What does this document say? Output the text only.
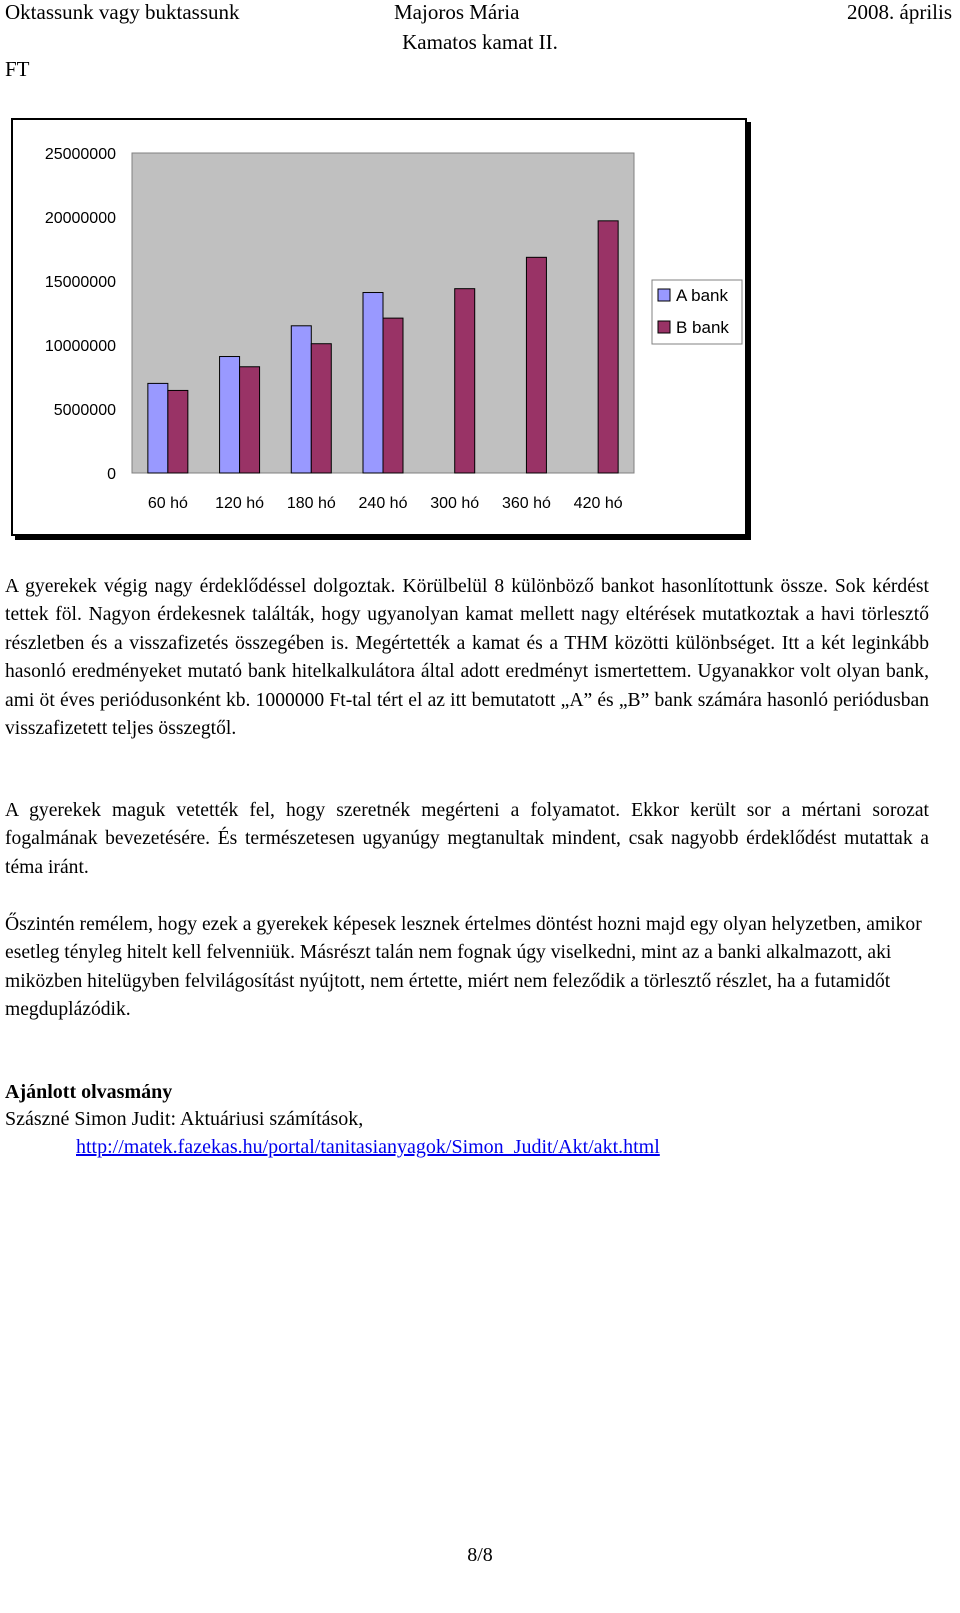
Oktassunk vagy buktassunk	Majoros Mária	2008. április
Kamatos kamat II.
FT
25000000
20000000
15000000
10000000
5000000
0
60 hó 120 hó 180 hó 240 hó 300 hó 360 hó 420 hó
A bank
B bank

A gyerekek végig nagy érdeklődéssel dolgoztak. Körülbelül 8 különböző bankot hasonlítottunk össze. Sok kérdést tettek föl. Nagyon érdekesnek találták, hogy ugyanolyan kamat mellett nagy eltérések mutatkoztak a havi törlesztő részletben és a visszafizetés összegében is. Megértették a kamat és a THM közötti különbséget. Itt a két leginkább hasonló eredményeket mutató bank hitelkalkulátora által adott eredményt ismertettem. Ugyanakkor volt olyan bank, ami öt éves periódusonként kb. 1000000 Ft-tal tért el az itt bemutatott „A” és „B” bank számára hasonló periódusban visszafizetett teljes összegtől.

A gyerekek maguk vetették fel, hogy szeretnék megérteni a folyamatot. Ekkor került sor a mértani sorozat fogalmának bevezetésére. És természetesen ugyanúgy megtanultak mindent, csak nagyobb érdeklődést mutattak a téma iránt.

Őszintén remélem, hogy ezek a gyerekek képesek lesznek értelmes döntést hozni majd egy olyan helyzetben, amikor esetleg tényleg hitelt kell felvenniük. Másrészt talán nem fognak úgy viselkedni, mint az a banki alkalmazott, aki miközben hitelügyben felvilágosítást nyújtott, nem értette, miért nem feleződik a törlesztő részlet, ha a futamidőt megduplázódik.

Ajánlott olvasmány
Szászné Simon Judit: Aktuáriusi számítások,
http://matek.fazekas.hu/portal/tanitasianyagok/Simon_Judit/Akt/akt.html
8/8
